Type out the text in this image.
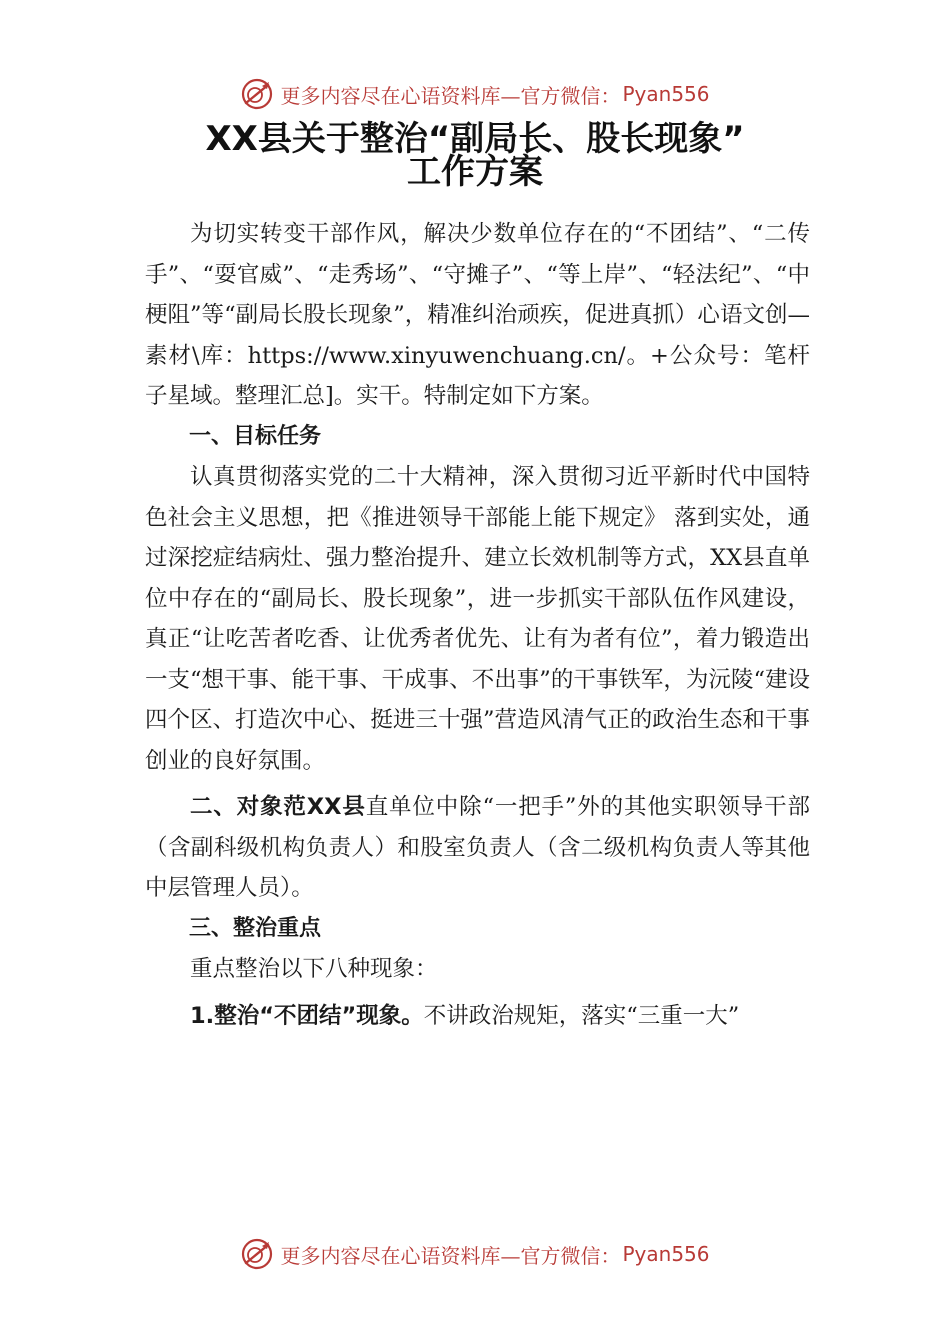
更多内容尽在心语资料库—官方微信： Pyan556
XX县关于整治“副局长、股长现象”
工作方案

为切实转变干部作风，解决少数单位存在的“不团结”、“二传手”、“耍官威”、“走秀场”、“守摊子”、“等上岸”、“轻法纪”、“中梗阻”等“副局长股长现象”，精准纠治顽疾，促进真抓）心语文创—素材\库：https://www.xinyuwenchuang.cn/。+公众号：笔杆子星域。整理汇总]。实干。特制定如下方案。

一、目标任务

认真贯彻落实党的二十大精神，深入贯彻习近平新时代中国特色社会主义思想，把《推进领导干部能上能下规定》 落到实处，通过深挖症结病灶、强力整治提升、建立长效机制等方式，XX县直单位中存在的“副局长、股长现象”，进一步抓实干部队伍作风建设，真正“让吃苦者吃香、让优秀者优先、让有为者有位”，着力锻造出一支“想干事、能干事、干成事、不出事”的干事铁军，为沅陵“建设四个区、打造次中心、挺进三十强”营造风清气正的政治生态和干事创业的良好氛围。

二、对象范XX县直单位中除“一把手”外的其他实职领导干部（含副科级机构负责人）和股室负责人（含二级机构负责人等其他中层管理人员）。

三、整治重点

重点整治以下八种现象：

1.整治“不团结”现象。不讲政治规矩，落实“三重一大”

更多内容尽在心语资料库—官方微信： Pyan556
